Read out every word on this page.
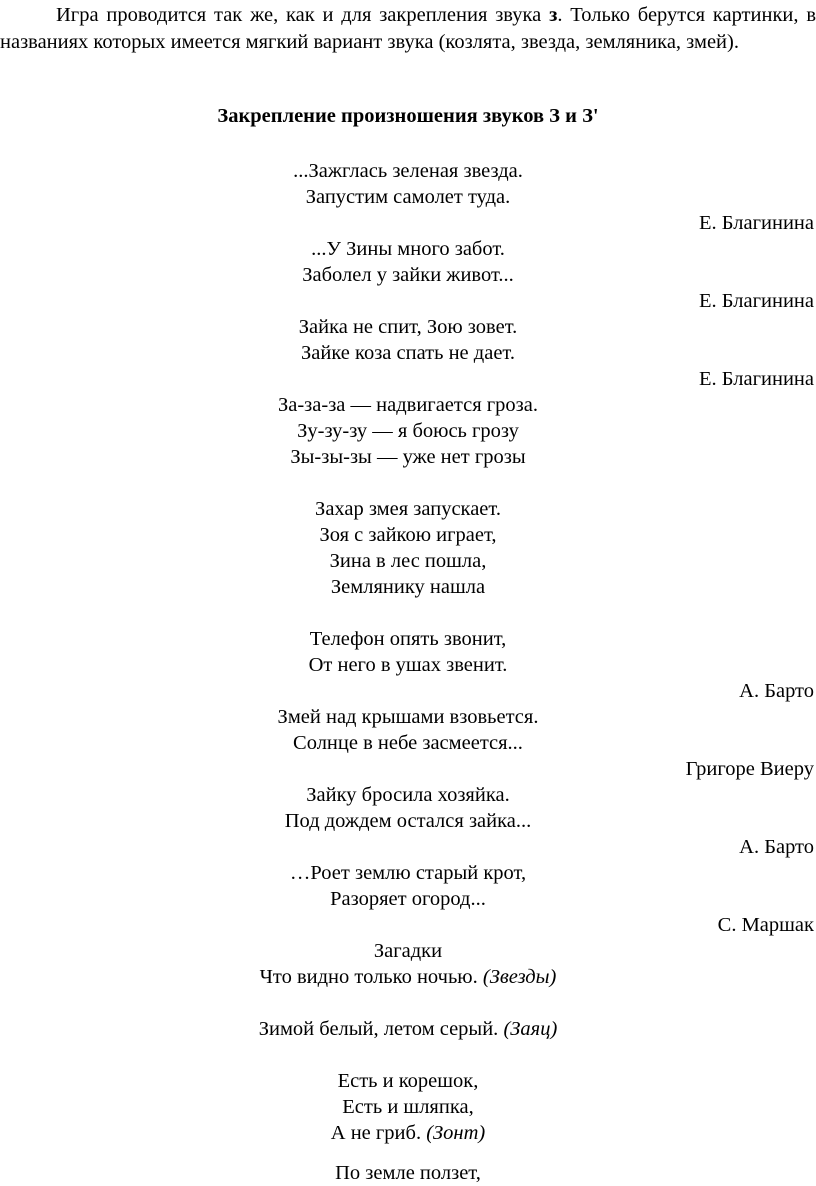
Игра проводится так же, как и для закрепления звука з. Только берутся картинки, в названиях которых имеется мягкий вариант звука (козлята, звезда, земляника, змей).

Закрепление произношения звуков З и З'

...Зажглась зеленая звезда.
Запустим самолет туда.
Е. Благинина
...У Зины много забот.
Заболел у зайки живот...
Е. Благинина
Зайка не спит, Зою зовет.
Зайке коза спать не дает.
Е. Благинина
За-за-за — надвигается гроза.
Зу-зу-зу — я боюсь грозу
Зы-зы-зы — уже нет грозы
Захар змея запускает.
Зоя с зайкою играет,
Зина в лес пошла,
Землянику нашла
Телефон опять звонит,
От него в ушах звенит.
А. Барто
Змей над крышами взовьется.
Солнце в небе засмеется...
Григоре Виеру
Зайку бросила хозяйка.
Под дождем остался зайка...
А. Барто
…Роет землю старый крот,
Разоряет огород...
С. Маршак
Загадки
Что видно только ночью. (Звезды)
Зимой белый, летом серый. (Заяц)
Есть и корешок,
Есть и шляпка,
А не гриб. (Зонт)
По земле ползет,
